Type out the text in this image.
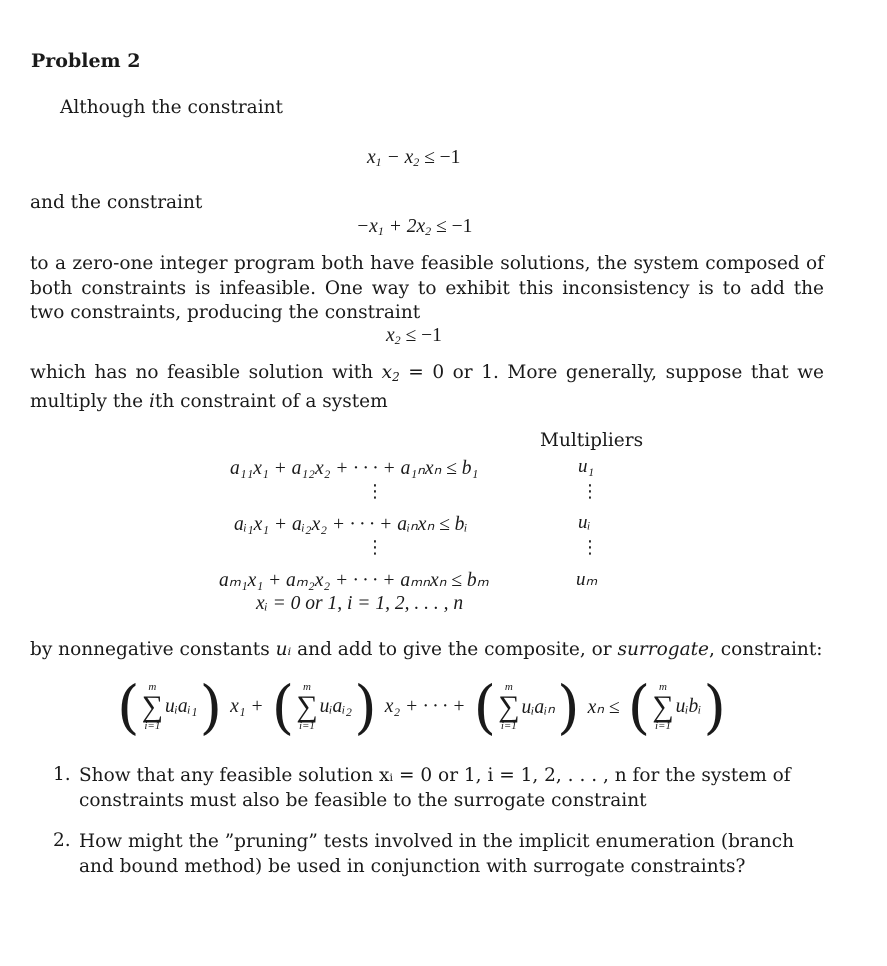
Problem 2
Although the constraint
$x_1 - x_2 \le -1$
and the constraint
$-x_1 + 2x_2 \le -1$
to a zero-one integer program both have feasible solutions, the system composed of both constraints is infeasible. One way to exhibit this inconsistency is to add the two constraints, producing the constraint
$x_2 \le -1$
which has no feasible solution with $x_2 = 0$ or 1. More generally, suppose that we multiply the ith constraint of a system
Multipliers
a₁₁x₁ + a₁₂x₂ + · · · + a₁ₙxₙ ≤ b₁	u₁
⋮	⋮
aᵢ₁x₁ + aᵢ₂x₂ + · · · + aᵢₙxₙ ≤ bᵢ	uᵢ
⋮	⋮
aₘ₁x₁ + aₘ₂x₂ + · · · + aₘₙxₙ ≤ bₘ	uₘ
xᵢ = 0 or 1, i = 1, 2, . . . , n
by nonnegative constants uᵢ and add to give the composite, or surrogate, constraint:
( m
∑
i=1
uᵢaᵢ₁ ) x₁ + ( m
∑
i=1
uᵢaᵢ₂ ) x₂ + · · · + ( m
∑
i=1
uᵢaᵢₙ ) xₙ ≤ ( m
∑
i=1
uᵢbᵢ )
1. Show that any feasible solution xᵢ = 0 or 1, i = 1, 2, . . . , n for the system of constraints must also be feasible to the surrogate constraint
2. How might the ”pruning” tests involved in the implicit enumeration (branch and bound method) be used in conjunction with surrogate constraints?
